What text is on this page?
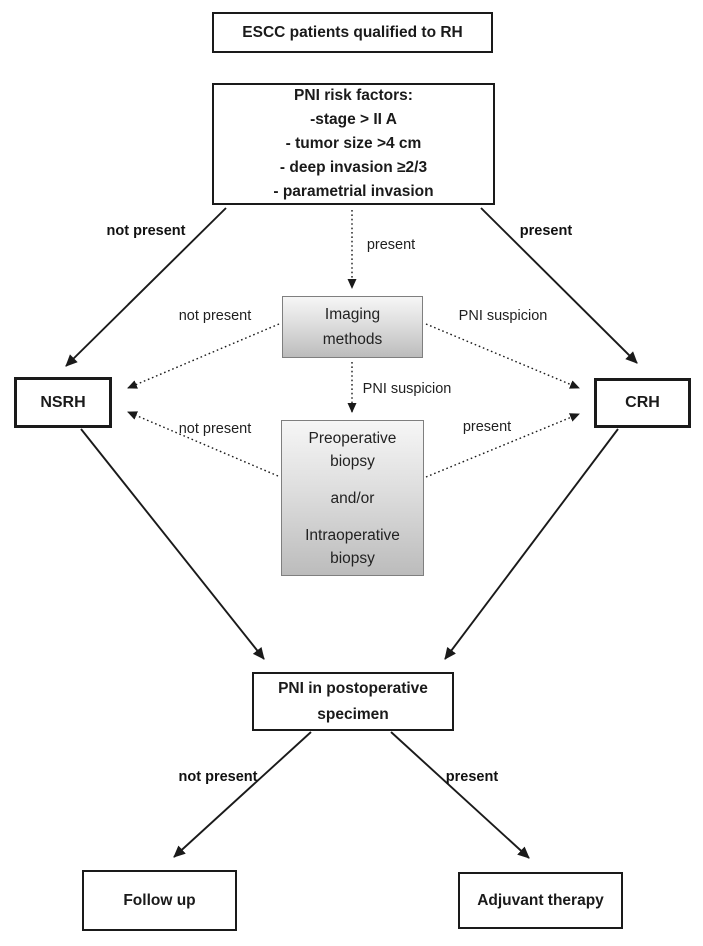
ESCC patients qualified to RH
PNI risk factors:
-stage > II A
- tumor size >4 cm
- deep invasion ≥2/3
- parametrial invasion
Imaging
methods
Preoperative biopsy
and/or
Intraoperative biopsy
NSRH	CRH
PNI in postoperative
specimen
Follow up	Adjuvant therapy
not present
present
present
not present	PNI suspicion
PNI suspicion
not present	present
not present	present
